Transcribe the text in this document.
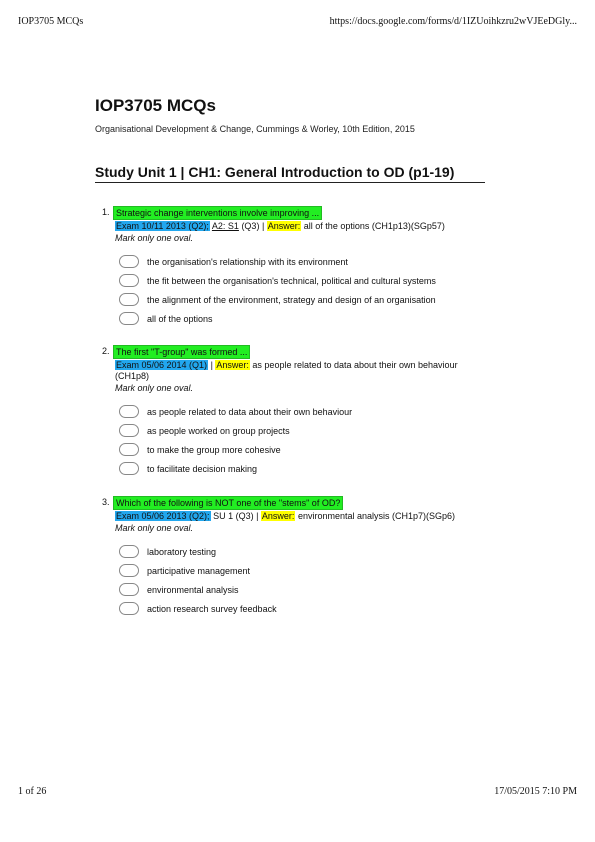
IOP3705 MCQs	https://docs.google.com/forms/d/1IZUoihkzru2wVJEeDGly...
IOP3705 MCQs
Organisational Development & Change, Cummings & Worley, 10th Edition, 2015
Study Unit 1 | CH1: General Introduction to OD (p1-19)
1. Strategic change interventions involve improving ...
Exam 10/11 2013 (Q2); A2: S1 (Q3) | Answer: all of the options (CH1p13)(SGp57)
Mark only one oval.
the organisation's relationship with its environment
the fit between the organisation's technical, political and cultural systems
the alignment of the environment, strategy and design of an organisation
all of the options
2. The first "T-group" was formed ...
Exam 05/06 2014 (Q1) | Answer: as people related to data about their own behaviour (CH1p8)
Mark only one oval.
as people related to data about their own behaviour
as people worked on group projects
to make the group more cohesive
to facilitate decision making
3. Which of the following is NOT one of the "stems" of OD?
Exam 05/06 2013 (Q2); SU 1 (Q3) | Answer: environmental analysis (CH1p7)(SGp6)
Mark only one oval.
laboratory testing
participative management
environmental analysis
action research survey feedback
1 of 26	17/05/2015 7:10 PM
